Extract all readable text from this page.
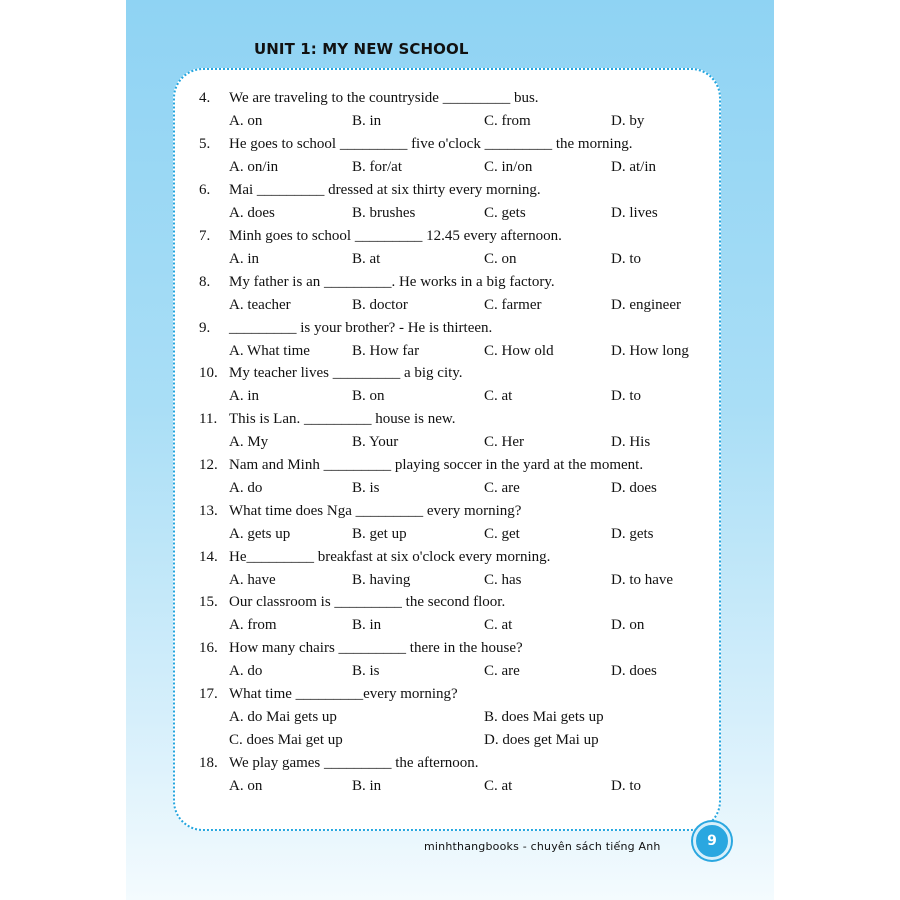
UNIT 1: MY NEW SCHOOL
4. We are traveling to the countryside _________ bus.
A. on	B. in	C. from	D. by
5. He goes to school _________ five o'clock _________ the morning.
A. on/in	B. for/at	C. in/on	D. at/in
6. Mai _________ dressed at six thirty every morning.
A. does	B. brushes	C. gets	D. lives
7. Minh goes to school _________ 12.45 every afternoon.
A. in	B. at	C. on	D. to
8. My father is an _________. He works in a big factory.
A. teacher	B. doctor	C. farmer	D. engineer
9. _________ is your brother? - He is thirteen.
A. What time	B. How far	C. How old	D. How long
10. My teacher lives _________ a big city.
A. in	B. on	C. at	D. to
11. This is Lan. _________ house is new.
A. My	B. Your	C. Her	D. His
12. Nam and Minh _________ playing soccer in the yard at the moment.
A. do	B. is	C. are	D. does
13. What time does Nga _________ every morning?
A. gets up	B. get up	C. get	D. gets
14. He_________ breakfast at six o'clock every morning.
A. have	B. having	C. has	D. to have
15. Our classroom is _________ the second floor.
A. from	B. in	C. at	D. on
16. How many chairs _________ there in the house?
A. do	B. is	C. are	D. does
17. What time _________every morning?
A. do Mai gets up	B. does Mai gets up
C. does Mai get up	D. does get Mai up
18. We play games _________ the afternoon.
A. on	B. in	C. at	D. to
minhthangbooks - chuyên sách tiếng Anh	9
